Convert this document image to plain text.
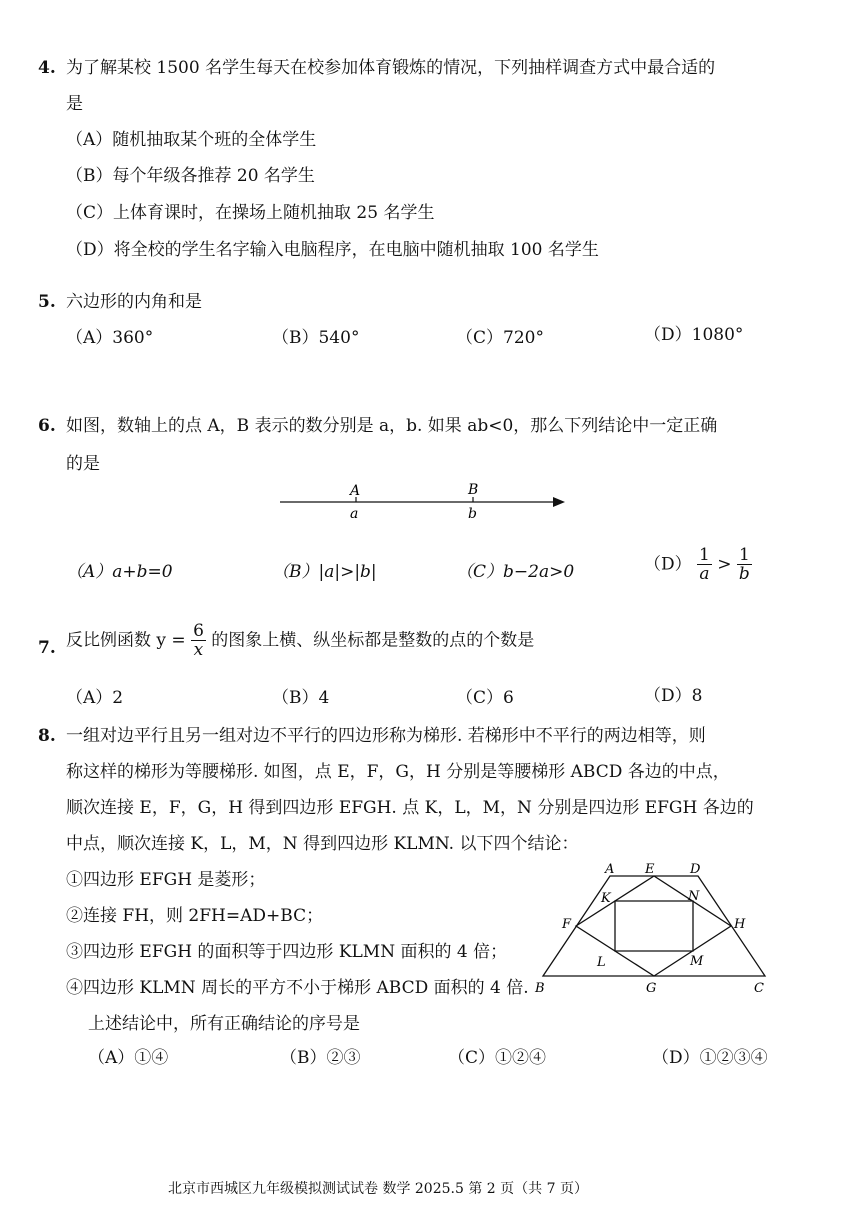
4. 为了解某校 1500 名学生每天在校参加体育锻炼的情况，下列抽样调查方式中最合适的
是
（A）随机抽取某个班的全体学生
（B）每个年级各推荐 20 名学生
（C）上体育课时，在操场上随机抽取 25 名学生
（D）将全校的学生名字输入电脑程序，在电脑中随机抽取 100 名学生
5. 六边形的内角和是
（A）360°	（B）540°	（C）720°	（D）1080°
6. 如图，数轴上的点 A，B 表示的数分别是 a，b. 如果 ab<0，那么下列结论中一定正确
的是
A	B
a	b
（A）a+b=0	（B）|a|>|b|	（C）b−2a>0	$(D) \frac{1}{a} > \frac{1}{b}$
7. 反比例函数 $y = \frac{6}{x}$ 的图象上横、纵坐标都是整数的点的个数是
（A）2	（B）4	（C）6	（D）8
8. 一组对边平行且另一组对边不平行的四边形称为梯形. 若梯形中不平行的两边相等，则
称这样的梯形为等腰梯形. 如图，点 E，F，G，H 分别是等腰梯形 ABCD 各边的中点，
顺次连接 E，F，G，H 得到四边形 EFGH. 点 K，L，M，N 分别是四边形 EFGH 各边的
中点，顺次连接 K，L，M，N 得到四边形 KLMN. 以下四个结论：
①四边形 EFGH 是菱形；
②连接 FH，则 2FH=AD+BC；
③四边形 EFGH 的面积等于四边形 KLMN 面积的 4 倍；
④四边形 KLMN 周长的平方不小于梯形 ABCD 面积的 4 倍.
上述结论中，所有正确结论的序号是
（A）①④	（B）②③	（C）①②④	（D）①②③④
A E	D
K	N
F	H
L	M
B	G	C
北京市西城区九年级模拟测试试卷 数学 2025.5 第 2 页（共 7 页）
